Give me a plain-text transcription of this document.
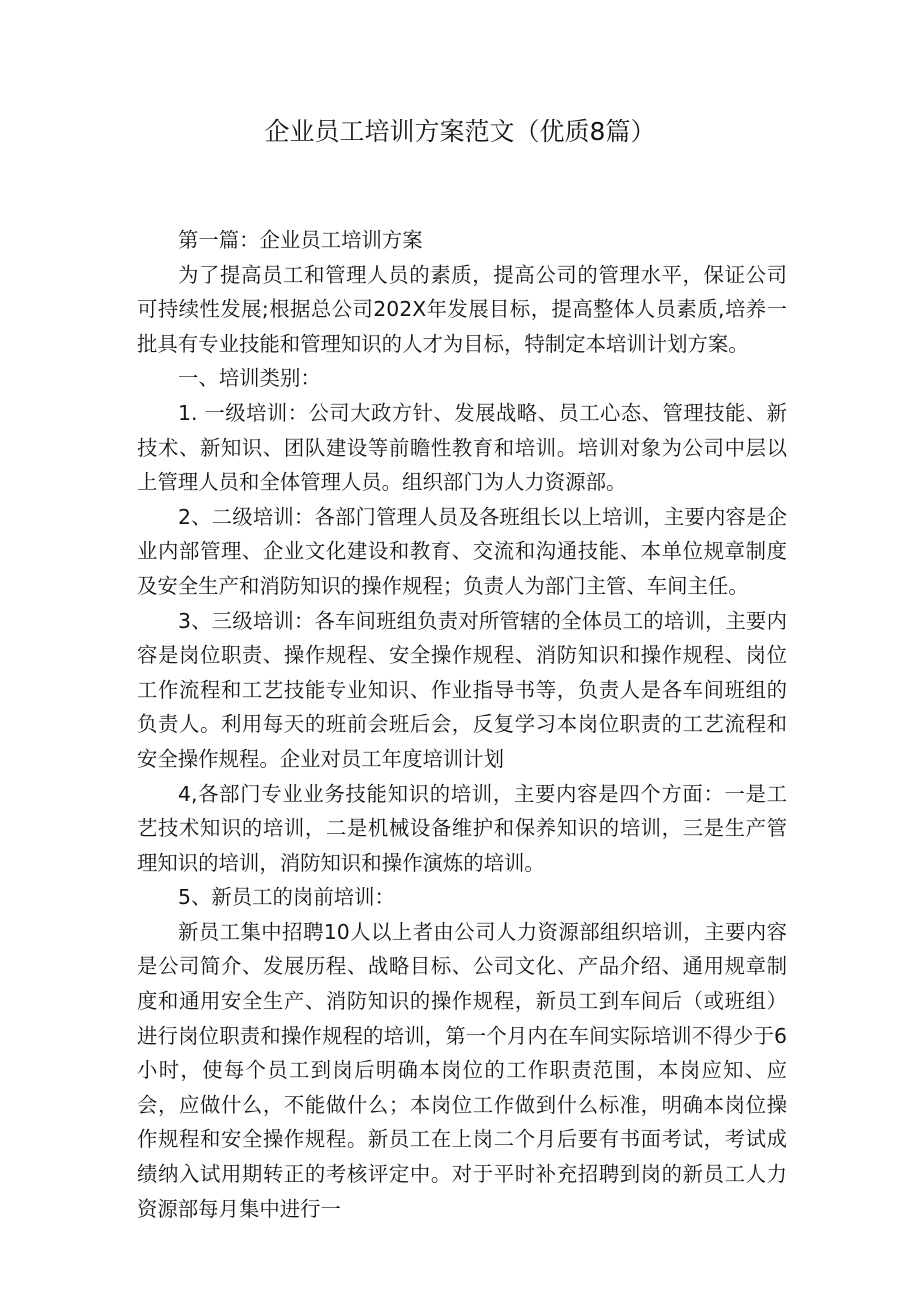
企业员工培训方案范文（优质8篇）

第一篇：企业员工培训方案

为了提高员工和管理人员的素质，提高公司的管理水平，保证公司可持续性发展;根据总公司202X年发展目标，提高整体人员素质,培养一批具有专业技能和管理知识的人才为目标，特制定本培训计划方案。

一、培训类别：

1. 一级培训：公司大政方针、发展战略、员工心态、管理技能、新技术、新知识、团队建设等前瞻性教育和培训。培训对象为公司中层以上管理人员和全体管理人员。组织部门为人力资源部。

2、二级培训：各部门管理人员及各班组长以上培训，主要内容是企业内部管理、企业文化建设和教育、交流和沟通技能、本单位规章制度及安全生产和消防知识的操作规程；负责人为部门主管、车间主任。

3、三级培训：各车间班组负责对所管辖的全体员工的培训，主要内容是岗位职责、操作规程、安全操作规程、消防知识和操作规程、岗位工作流程和工艺技能专业知识、作业指导书等，负责人是各车间班组的负责人。利用每天的班前会班后会，反复学习本岗位职责的工艺流程和安全操作规程。企业对员工年度培训计划

4,各部门专业业务技能知识的培训，主要内容是四个方面：一是工艺技术知识的培训，二是机械设备维护和保养知识的培训，三是生产管理知识的培训，消防知识和操作演炼的培训。

5、新员工的岗前培训：

新员工集中招聘10人以上者由公司人力资源部组织培训，主要内容是公司简介、发展历程、战略目标、公司文化、产品介绍、通用规章制度和通用安全生产、消防知识的操作规程，新员工到车间后（或班组）进行岗位职责和操作规程的培训，第一个月内在车间实际培训不得少于6小时，使每个员工到岗后明确本岗位的工作职责范围，本岗应知、应会，应做什么，不能做什么；本岗位工作做到什么标准，明确本岗位操作规程和安全操作规程。新员工在上岗二个月后要有书面考试，考试成绩纳入试用期转正的考核评定中。对于平时补充招聘到岗的新员工人力资源部每月集中进行一
